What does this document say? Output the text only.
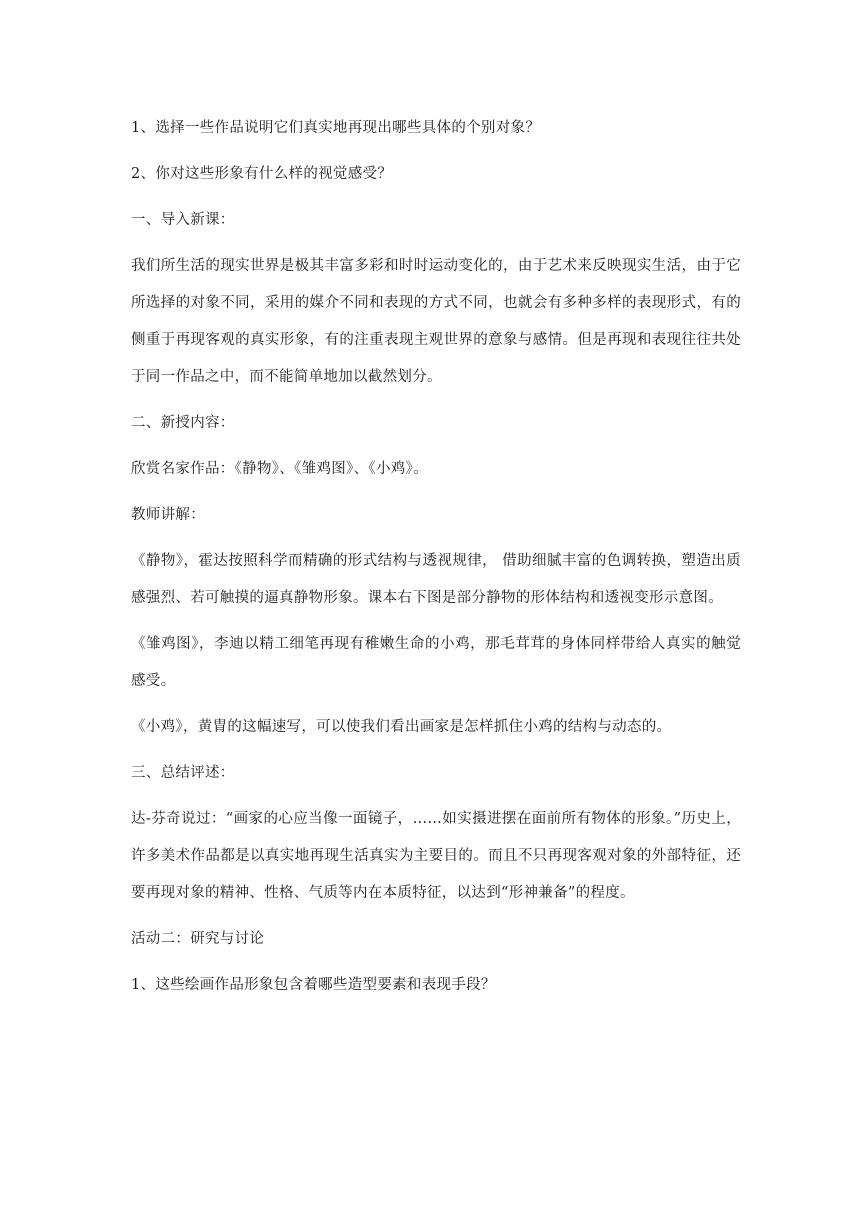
1、选择一些作品说明它们真实地再现出哪些具体的个别对象？

2、你对这些形象有什么样的视觉感受？

一、导入新课：

我们所生活的现实世界是极其丰富多彩和时时运动变化的，由于艺术来反映现实生活，由于它所选择的对象不同，采用的媒介不同和表现的方式不同，也就会有多种多样的表现形式，有的侧重于再现客观的真实形象，有的注重表现主观世界的意象与感情。但是再现和表现往往共处于同一作品之中，而不能简单地加以截然划分。

二、新授内容：

欣赏名家作品：《静物》、《雏鸡图》、《小鸡》。

教师讲解：

《静物》，霍达按照科学而精确的形式结构与透视规律， 借助细腻丰富的色调转换，塑造出质感强烈、若可触摸的逼真静物形象。课本右下图是部分静物的形体结构和透视变形示意图。

《雏鸡图》，李迪以精工细笔再现有稚嫩生命的小鸡，那毛茸茸的身体同样带给人真实的触觉感受。

《小鸡》，黄胄的这幅速写，可以使我们看出画家是怎样抓住小鸡的结构与动态的。

三、总结评述：

达-芬奇说过：“画家的心应当像一面镜子，……如实摄进摆在面前所有物体的形象。”历史上，许多美术作品都是以真实地再现生活真实为主要目的。而且不只再现客观对象的外部特征，还要再现对象的精神、性格、气质等内在本质特征，以达到“形神兼备”的程度。

活动二：研究与讨论

1、这些绘画作品形象包含着哪些造型要素和表现手段？
